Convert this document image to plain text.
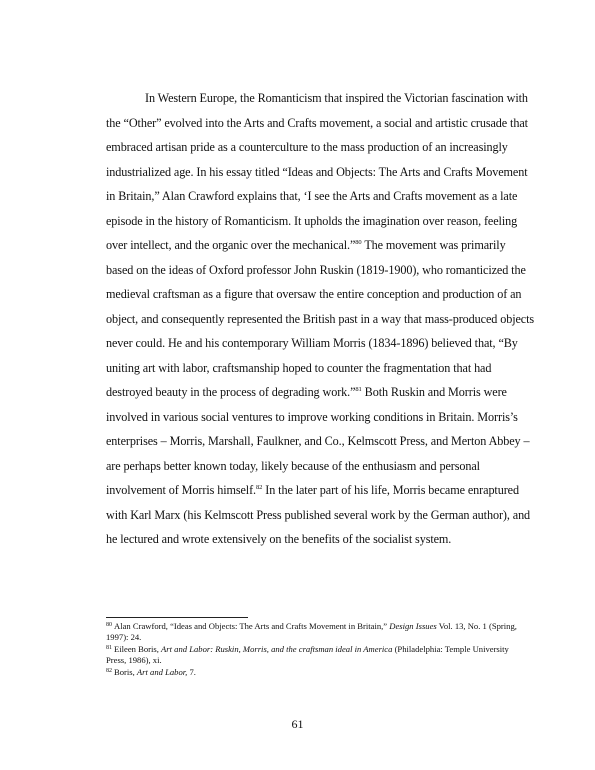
In Western Europe, the Romanticism that inspired the Victorian fascination with
the “Other” evolved into the Arts and Crafts movement, a social and artistic crusade that
embraced artisan pride as a counterculture to the mass production of an increasingly
industrialized age. In his essay titled “Ideas and Objects: The Arts and Crafts Movement
in Britain,” Alan Crawford explains that, ‘I see the Arts and Crafts movement as a late
episode in the history of Romanticism. It upholds the imagination over reason, feeling
over intellect, and the organic over the mechanical.”$^{80}$ The movement was primarily
based on the ideas of Oxford professor John Ruskin (1819-1900), who romanticized the
medieval craftsman as a figure that oversaw the entire conception and production of an
object, and consequently represented the British past in a way that mass-produced objects
never could. He and his contemporary William Morris (1834-1896) believed that, “By
uniting art with labor, craftsmanship hoped to counter the fragmentation that had
destroyed beauty in the process of degrading work.”$^{81}$ Both Ruskin and Morris were
involved in various social ventures to improve working conditions in Britain. Morris’s
enterprises – Morris, Marshall, Faulkner, and Co., Kelmscott Press, and Merton Abbey –
are perhaps better known today, likely because of the enthusiasm and personal
involvement of Morris himself.$^{82}$ In the later part of his life, Morris became enraptured
with Karl Marx (his Kelmscott Press published several work by the German author), and
he lectured and wrote extensively on the benefits of the socialist system.
$^{80}$ Alan Crawford, “Ideas and Objects: The Arts and Crafts Movement in Britain,” Design Issues Vol. 13, No. 1 (Spring, 1997): 24.
$^{81}$ Eileen Boris, Art and Labor: Ruskin, Morris, and the craftsman ideal in America (Philadelphia: Temple University Press, 1986), xi.
$^{82}$ Boris, Art and Labor, 7.
61
